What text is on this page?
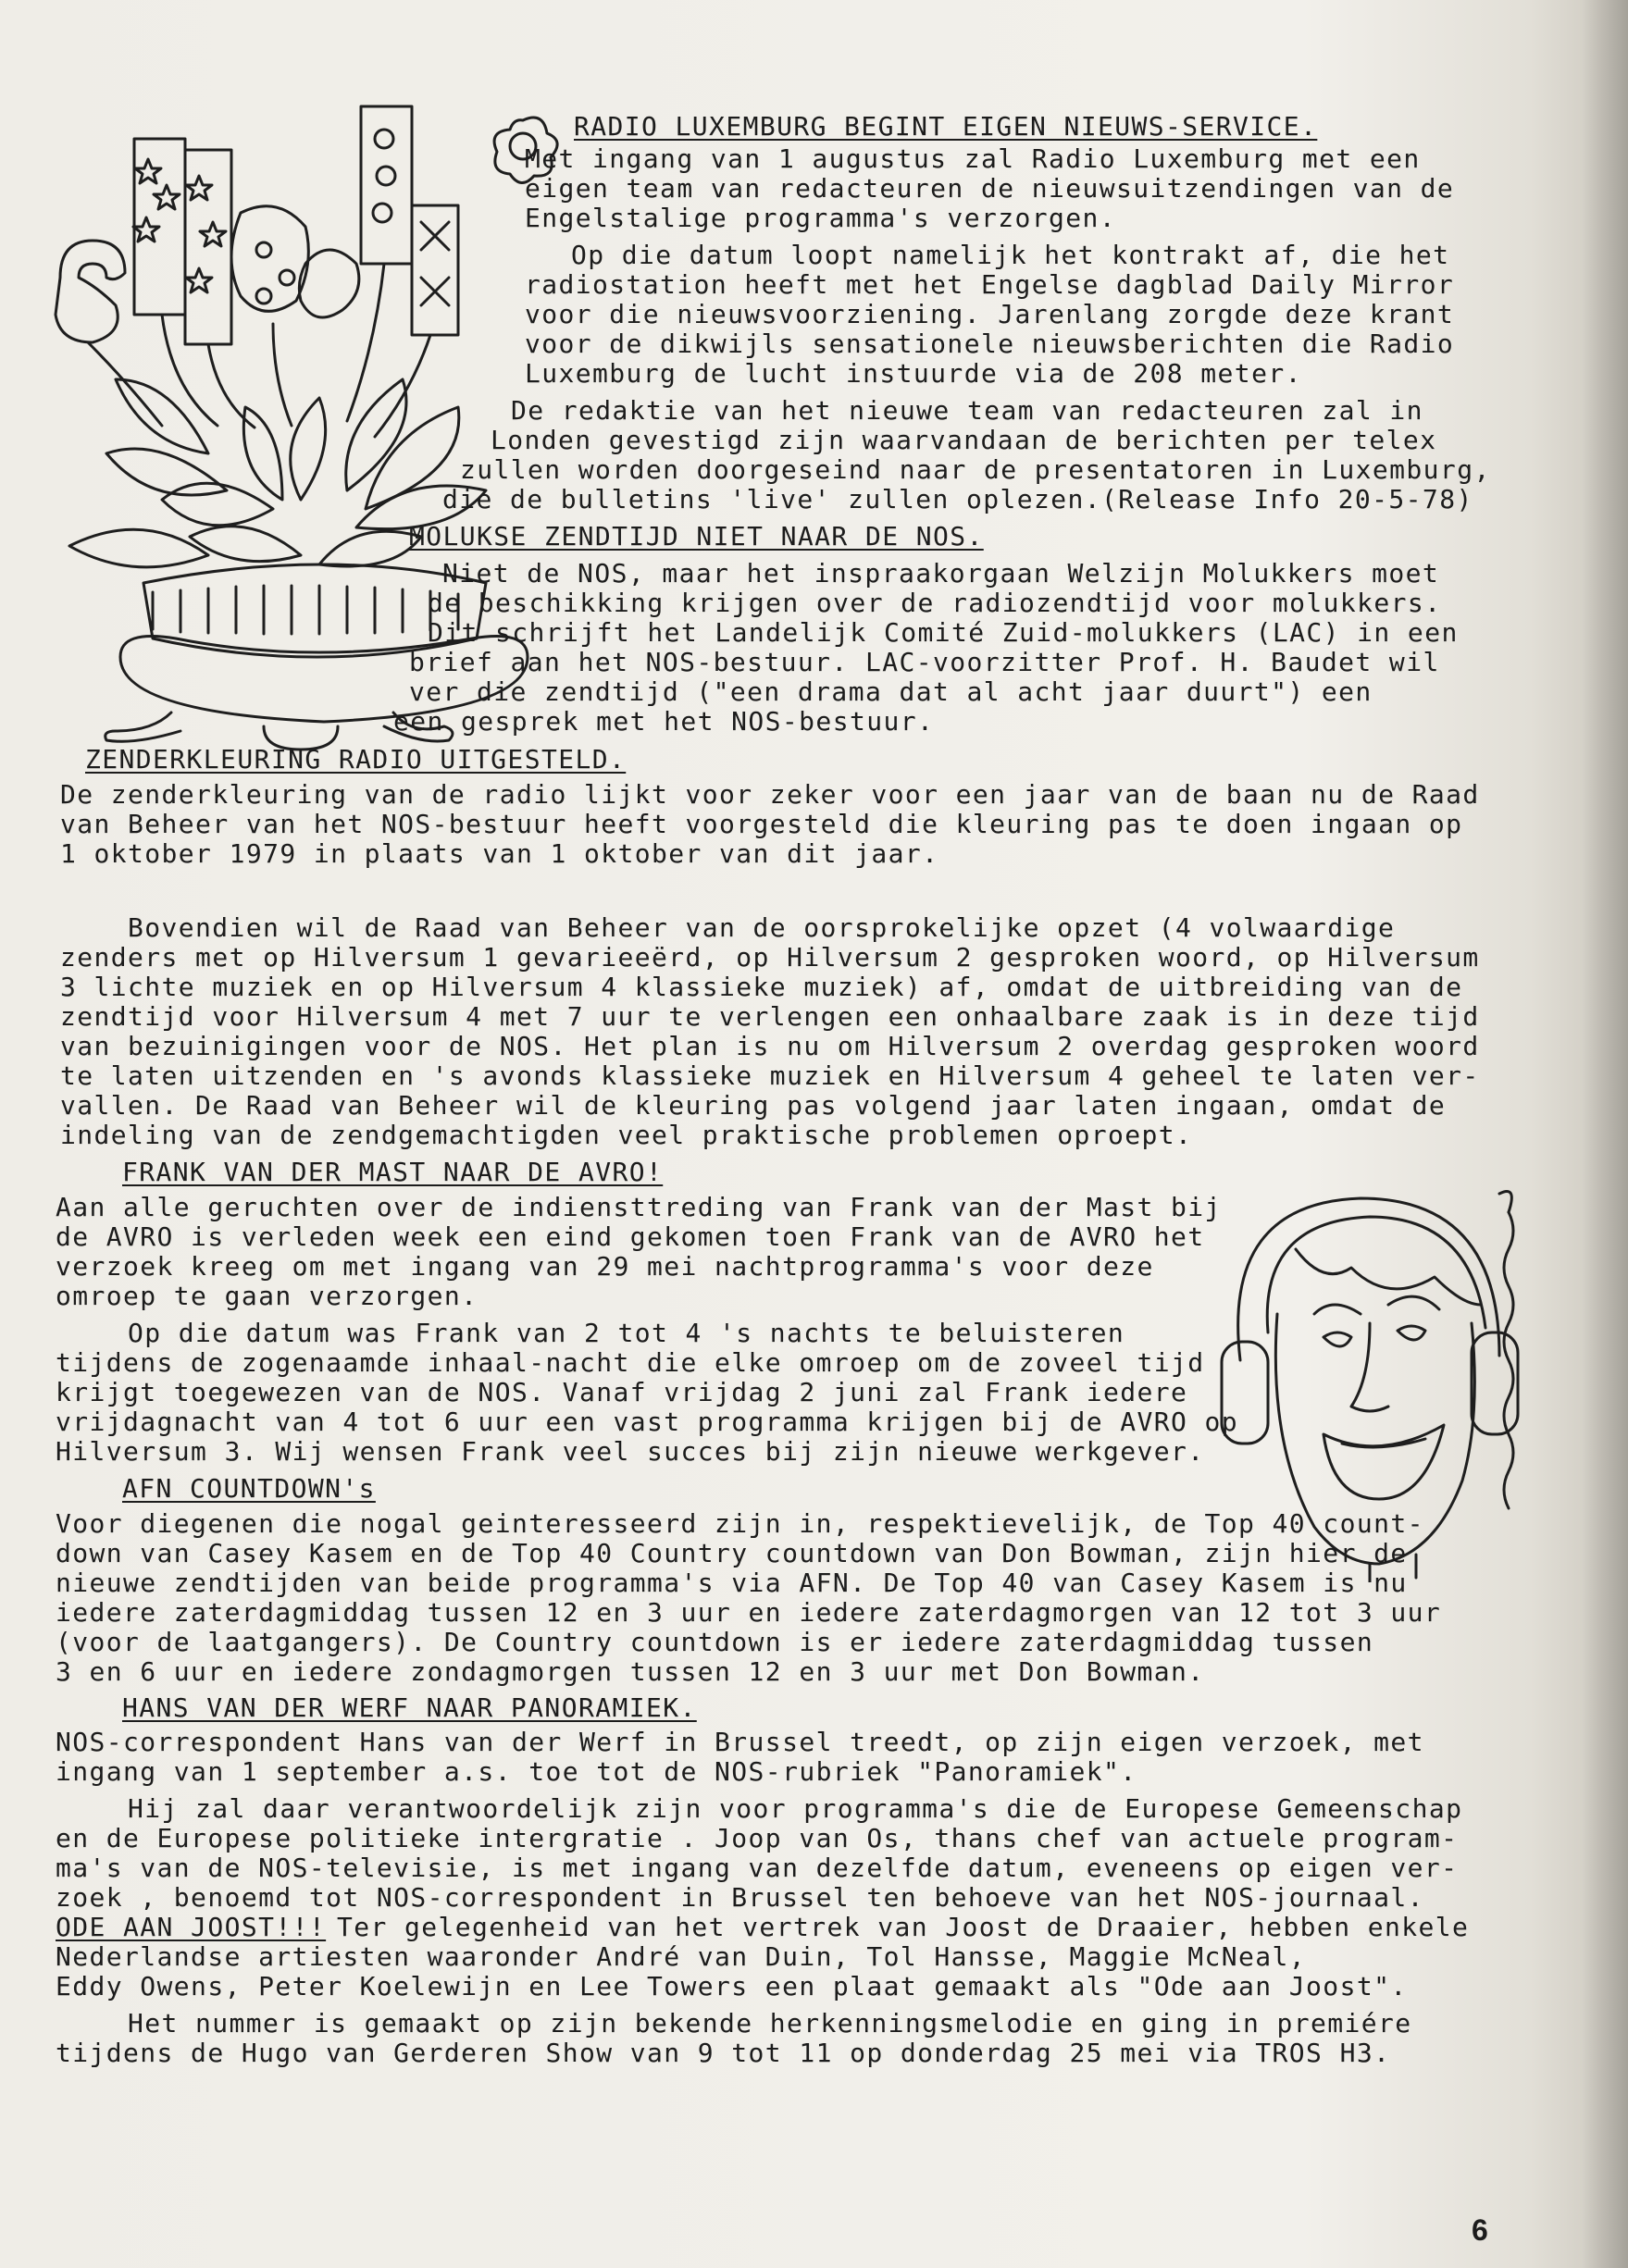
RADIO LUXEMBURG BEGINT EIGEN NIEUWS-SERVICE.
Met ingang van 1 augustus zal Radio Luxemburg met een
eigen team van redacteuren de nieuwsuitzendingen van de
Engelstalige programma's verzorgen.
Op die datum loopt namelijk het kontrakt af, die het
radiostation heeft met het Engelse dagblad Daily Mirror
voor die nieuwsvoorziening. Jarenlang zorgde deze krant
voor de dikwijls sensationele nieuwsberichten die Radio
Luxemburg de lucht instuurde via de 208 meter.
De redaktie van het nieuwe team van redacteuren zal in
Londen gevestigd zijn waarvandaan de berichten per telex
zullen worden doorgeseind naar de presentatoren in Luxemburg,
die de bulletins 'live' zullen oplezen.(Release Info 20-5-78)
MOLUKSE ZENDTIJD NIET NAAR DE NOS.
Niet de NOS, maar het inspraakorgaan Welzijn Molukkers moet
de beschikking krijgen over de radiozendtijd voor molukkers.
Dit schrijft het Landelijk Comité Zuid-molukkers (LAC) in een
brief aan het NOS-bestuur. LAC-voorzitter Prof. H. Baudet wil
ver die zendtijd ("een drama dat al acht jaar duurt") een
een gesprek met het NOS-bestuur.
ZENDERKLEURING RADIO UITGESTELD.
De zenderkleuring van de radio lijkt voor zeker voor een jaar van de baan nu de Raad
van Beheer van het NOS-bestuur heeft voorgesteld die kleuring pas te doen ingaan op
1 oktober 1979 in plaats van 1 oktober van dit jaar.
Bovendien wil de Raad van Beheer van de oorsprokelijke opzet (4 volwaardige
zenders met op Hilversum 1 gevarieeërd, op Hilversum 2 gesproken woord, op Hilversum
3 lichte muziek en op Hilversum 4 klassieke muziek) af, omdat de uitbreiding van de
zendtijd voor Hilversum 4 met 7 uur te verlengen een onhaalbare zaak is in deze tijd
van bezuinigingen voor de NOS. Het plan is nu om Hilversum 2 overdag gesproken woord
te laten uitzenden en 's avonds klassieke muziek en Hilversum 4 geheel te laten ver-
vallen. De Raad van Beheer wil de kleuring pas volgend jaar laten ingaan, omdat de
indeling van de zendgemachtigden veel praktische problemen oproept.
FRANK VAN DER MAST NAAR DE AVRO!
Aan alle geruchten over de indiensttreding van Frank van der Mast bij
de AVRO is verleden week een eind gekomen toen Frank van de AVRO het
verzoek kreeg om met ingang van 29 mei nachtprogramma's voor deze
omroep te gaan verzorgen.
Op die datum was Frank van 2 tot 4 's nachts te beluisteren
tijdens de zogenaamde inhaal-nacht die elke omroep om de zoveel tijd
krijgt toegewezen van de NOS. Vanaf vrijdag 2 juni zal Frank iedere
vrijdagnacht van 4 tot 6 uur een vast programma krijgen bij de AVRO op
Hilversum 3. Wij wensen Frank veel succes bij zijn nieuwe werkgever.
AFN COUNTDOWN's
Voor diegenen die nogal geinteresseerd zijn in, respektievelijk, de Top 40 count-
down van Casey Kasem en de Top 40 Country countdown van Don Bowman, zijn hier de
nieuwe zendtijden van beide programma's via AFN. De Top 40 van Casey Kasem is nu
iedere zaterdagmiddag tussen 12 en 3 uur en iedere zaterdagmorgen van 12 tot 3 uur
(voor de laatgangers). De Country countdown is er iedere zaterdagmiddag tussen
3 en 6 uur en iedere zondagmorgen tussen 12 en 3 uur met Don Bowman.
HANS VAN DER WERF NAAR PANORAMIEK.
NOS-correspondent Hans van der Werf in Brussel treedt, op zijn eigen verzoek, met
ingang van 1 september a.s. toe tot de NOS-rubriek "Panoramiek".
Hij zal daar verantwoordelijk zijn voor programma's die de Europese Gemeenschap
en de Europese politieke intergratie . Joop van Os, thans chef van actuele program-
ma's van de NOS-televisie, is met ingang van dezelfde datum, eveneens op eigen ver-
zoek , benoemd tot NOS-correspondent in Brussel ten behoeve van het NOS-journaal.
ODE AAN JOOST!!! Ter gelegenheid van het vertrek van Joost de Draaier, hebben enkele
Nederlandse artiesten waaronder André van Duin, Tol Hansse, Maggie McNeal,
Eddy Owens, Peter Koelewijn en Lee Towers een plaat gemaakt als "Ode aan Joost".
Het nummer is gemaakt op zijn bekende herkenningsmelodie en ging in premiére
tijdens de Hugo van Gerderen Show van 9 tot 11 op donderdag 25 mei via TROS H3.
6
